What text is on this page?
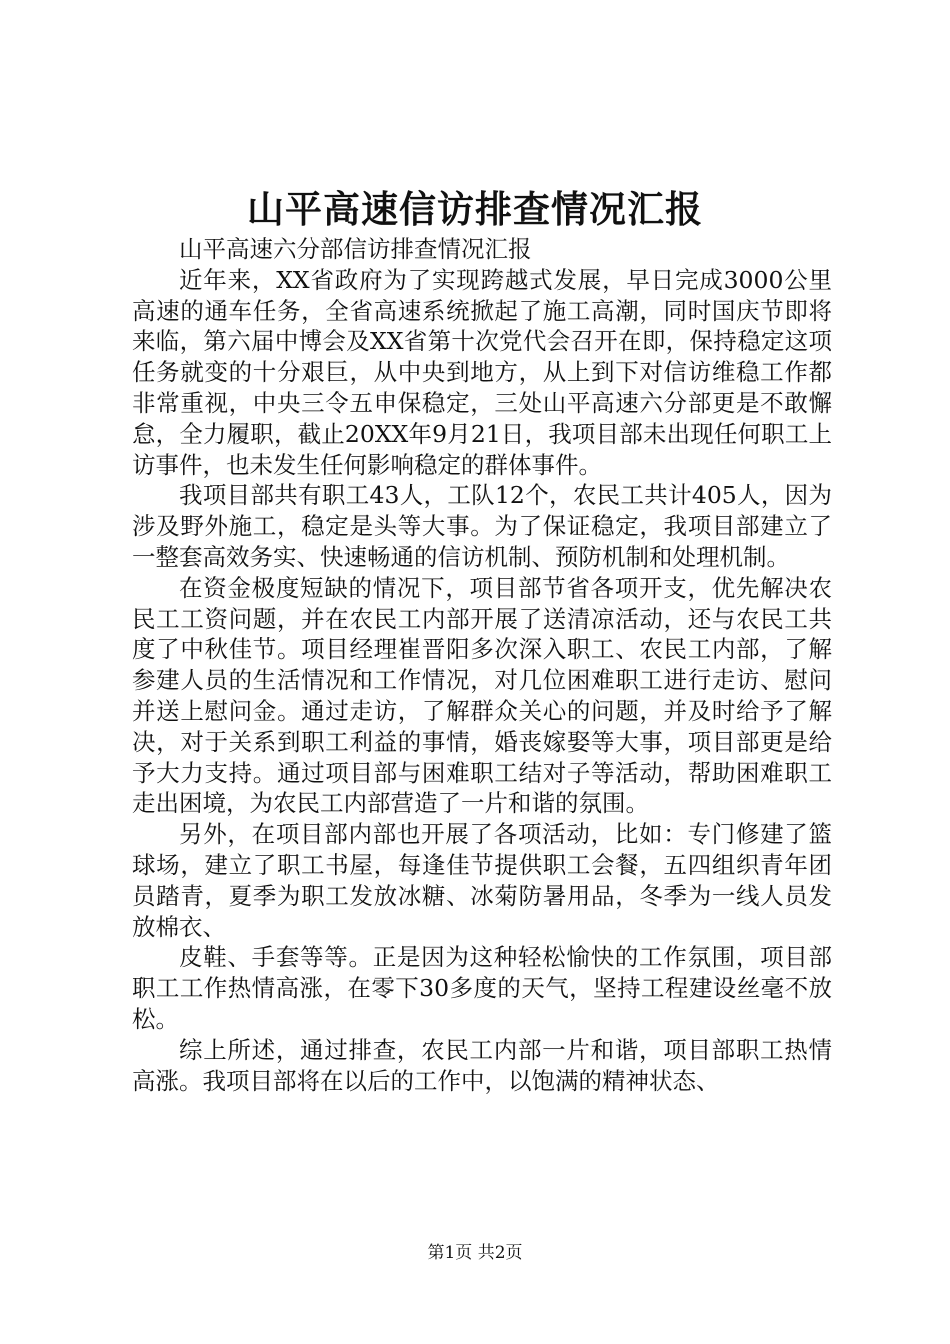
山平高速信访排查情况汇报

山平高速六分部信访排查情况汇报

近年来，XX省政府为了实现跨越式发展，早日完成3000公里高速的通车任务，全省高速系统掀起了施工高潮，同时国庆节即将来临，第六届中博会及XX省第十次党代会召开在即，保持稳定这项任务就变的十分艰巨，从中央到地方，从上到下对信访维稳工作都非常重视，中央三令五申保稳定，三处山平高速六分部更是不敢懈怠，全力履职，截止20XX年9月21日，我项目部未出现任何职工上访事件，也未发生任何影响稳定的群体事件。

我项目部共有职工43人，工队12个，农民工共计405人，因为涉及野外施工，稳定是头等大事。为了保证稳定，我项目部建立了一整套高效务实、快速畅通的信访机制、预防机制和处理机制。

在资金极度短缺的情况下，项目部节省各项开支，优先解决农民工工资问题，并在农民工内部开展了送清凉活动，还与农民工共度了中秋佳节。项目经理崔晋阳多次深入职工、农民工内部，了解参建人员的生活情况和工作情况，对几位困难职工进行走访、慰问并送上慰问金。通过走访，了解群众关心的问题，并及时给予了解决，对于关系到职工利益的事情，婚丧嫁娶等大事，项目部更是给予大力支持。通过项目部与困难职工结对子等活动，帮助困难职工走出困境，为农民工内部营造了一片和谐的氛围。

另外，在项目部内部也开展了各项活动，比如：专门修建了篮球场，建立了职工书屋，每逢佳节提供职工会餐，五四组织青年团员踏青，夏季为职工发放冰糖、冰菊防暑用品，冬季为一线人员发放棉衣、

皮鞋、手套等等。正是因为这种轻松愉快的工作氛围，项目部职工工作热情高涨，在零下30多度的天气，坚持工程建设丝毫不放松。

综上所述，通过排查，农民工内部一片和谐，项目部职工热情高涨。我项目部将在以后的工作中，以饱满的精神状态、

第1页 共2页
